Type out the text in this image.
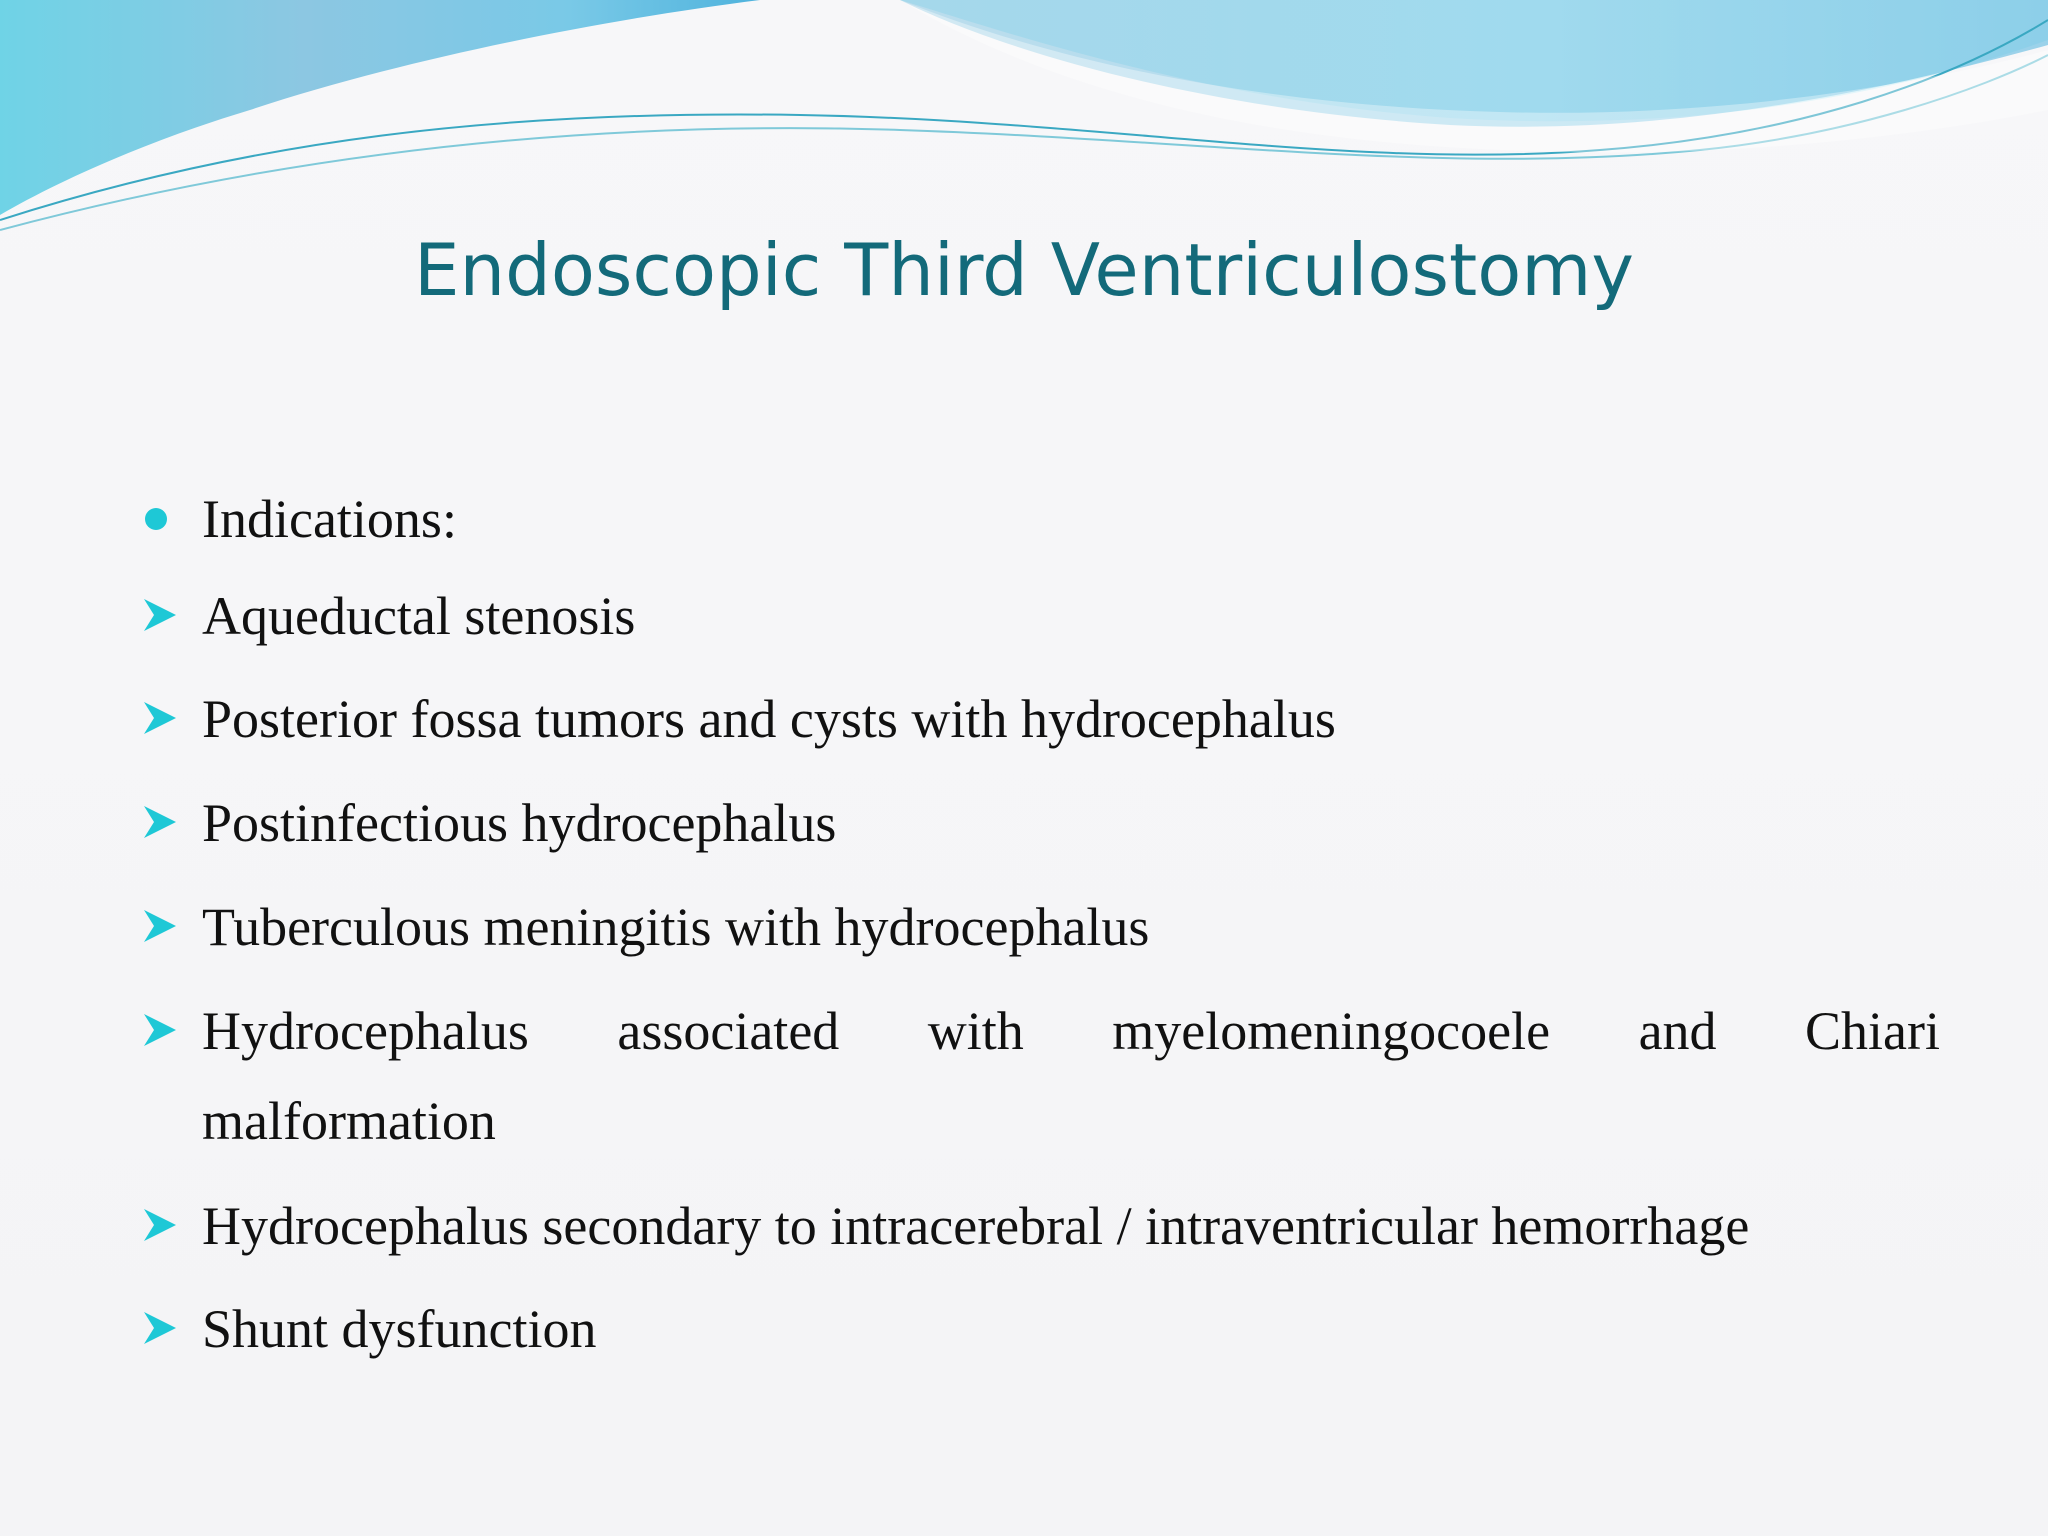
Endoscopic Third Ventriculostomy
Indications:
Aqueductal stenosis
Posterior fossa tumors and cysts with hydrocephalus
Postinfectious hydrocephalus
Tuberculous meningitis with hydrocephalus
Hydrocephalus associated with myelomeningocoele and Chiari
malformation
Hydrocephalus secondary to intracerebral / intraventricular hemorrhage
Shunt dysfunction
